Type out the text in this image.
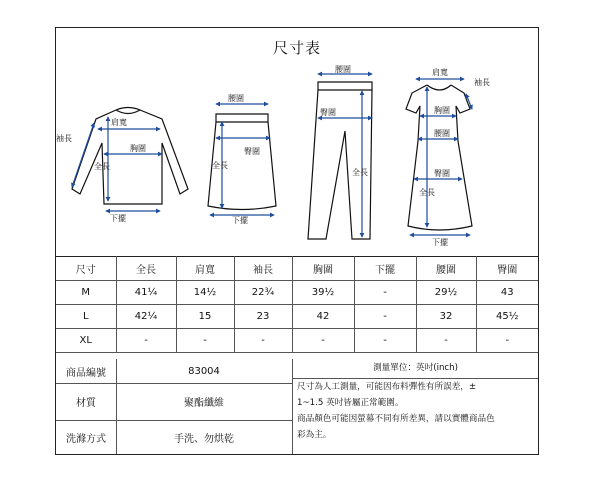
尺寸表
肩寬
胸圍
全長
下擺
袖長
腰圍
臀圍
全長
下擺
腰圍
臀圍
全長
肩寬
袖長
胸圍
腰圍
臀圍
全長
下擺
尺寸	全長	肩寬	袖長	胸圍	下擺	腰圍	臀圍
M	41¼	14½	22¾	39½	-	29½	43
L	42¼	15	23	42	-	32	45½
XL	-	-	-	-	-	-	-
商品編號	83004
材質	聚酯纖維
洗滌方式	手洗、勿烘乾
測量單位：英吋(inch)
尺寸為人工測量，可能因布料彈性有所誤差，±
1~1.5 英吋皆屬正常範圍。
商品顏色可能因螢幕不同有所差異，請以實體商品色
彩為主。
